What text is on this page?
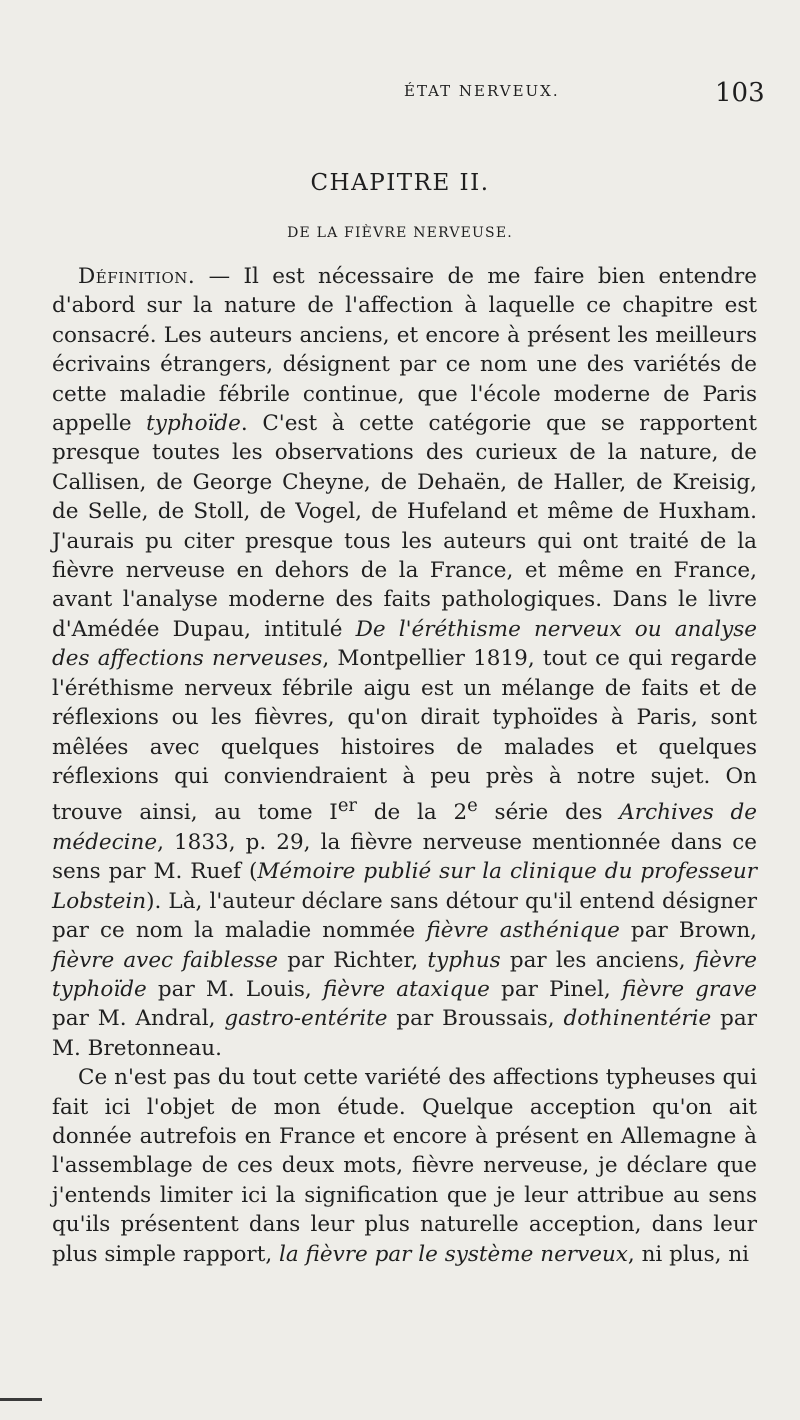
ÉTAT NERVEUX.	103
CHAPITRE II.
DE LA FIÈVRE NERVEUSE.

Définition. — Il est nécessaire de me faire bien entendre d'abord sur la nature de l'affection à laquelle ce chapitre est consacré. Les auteurs anciens, et encore à présent les meilleurs écrivains étrangers, désignent par ce nom une des variétés de cette maladie fébrile continue, que l'école moderne de Paris appelle typhoïde. C'est à cette catégorie que se rapportent presque toutes les observations des curieux de la nature, de Callisen, de George Cheyne, de Dehaën, de Haller, de Kreisig, de Selle, de Stoll, de Vogel, de Hufeland et même de Huxham. J'aurais pu citer presque tous les auteurs qui ont traité de la fièvre nerveuse en dehors de la France, et même en France, avant l'analyse moderne des faits pathologiques. Dans le livre d'Amédée Dupau, intitulé De l'éréthisme nerveux ou analyse des affections nerveuses, Montpellier 1819, tout ce qui regarde l'éréthisme nerveux fébrile aigu est un mélange de faits et de réflexions ou les fièvres, qu'on dirait typhoïdes à Paris, sont mêlées avec quelques histoires de malades et quelques réflexions qui conviendraient à peu près à notre sujet. On trouve ainsi, au tome Ier de la 2e série des Archives de médecine, 1833, p. 29, la fièvre nerveuse mentionnée dans ce sens par M. Ruef (Mémoire publié sur la clinique du professeur Lobstein). Là, l'auteur déclare sans détour qu'il entend désigner par ce nom la maladie nommée fièvre asthénique par Brown, fièvre avec faiblesse par Richter, typhus par les anciens, fièvre typhoïde par M. Louis, fièvre ataxique par Pinel, fièvre grave par M. Andral, gastro-entérite par Broussais, dothinentérie par M. Bretonneau.

Ce n'est pas du tout cette variété des affections typheuses qui fait ici l'objet de mon étude. Quelque acception qu'on ait donnée autrefois en France et encore à présent en Allemagne à l'assemblage de ces deux mots, fièvre nerveuse, je déclare que j'entends limiter ici la signification que je leur attribue au sens qu'ils présentent dans leur plus naturelle acception, dans leur plus simple rapport, la fièvre par le système nerveux, ni plus, ni
